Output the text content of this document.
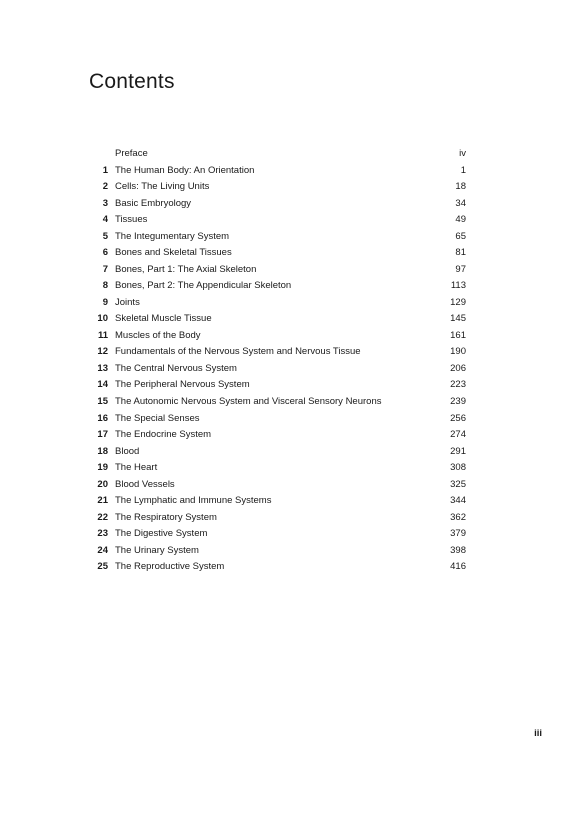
Contents
Preface	iv
1 The Human Body: An Orientation	1
2 Cells: The Living Units	18
3 Basic Embryology	34
4 Tissues	49
5 The Integumentary System	65
6 Bones and Skeletal Tissues	81
7 Bones, Part 1: The Axial Skeleton	97
8 Bones, Part 2: The Appendicular Skeleton	113
9 Joints	129
10 Skeletal Muscle Tissue	145
11 Muscles of the Body	161
12 Fundamentals of the Nervous System and Nervous Tissue	190
13 The Central Nervous System	206
14 The Peripheral Nervous System	223
15 The Autonomic Nervous System and Visceral Sensory Neurons	239
16 The Special Senses	256
17 The Endocrine System	274
18 Blood	291
19 The Heart	308
20 Blood Vessels	325
21 The Lymphatic and Immune Systems	344
22 The Respiratory System	362
23 The Digestive System	379
24 The Urinary System	398
25 The Reproductive System	416
iii
